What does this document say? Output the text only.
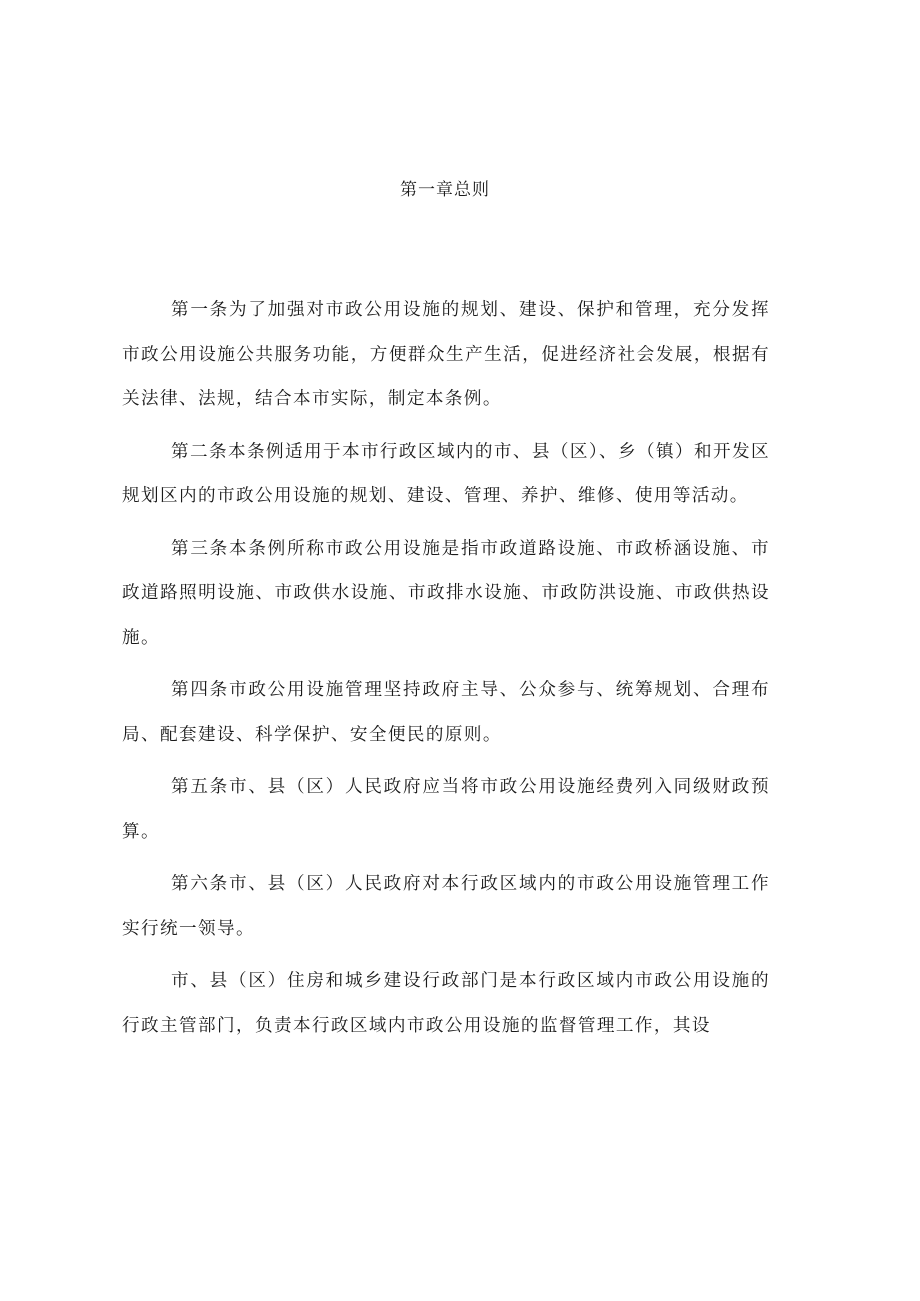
第一章总则

第一条为了加强对市政公用设施的规划、建设、保护和管理，充分发挥市政公用设施公共服务功能，方便群众生产生活，促进经济社会发展，根据有关法律、法规，结合本市实际，制定本条例。

第二条本条例适用于本市行政区域内的市、县（区）、乡（镇）和开发区规划区内的市政公用设施的规划、建设、管理、养护、维修、使用等活动。

第三条本条例所称市政公用设施是指市政道路设施、市政桥涵设施、市政道路照明设施、市政供水设施、市政排水设施、市政防洪设施、市政供热设施。

第四条市政公用设施管理坚持政府主导、公众参与、统筹规划、合理布局、配套建设、科学保护、安全便民的原则。

第五条市、县（区）人民政府应当将市政公用设施经费列入同级财政预算。

第六条市、县（区）人民政府对本行政区域内的市政公用设施管理工作实行统一领导。

市、县（区）住房和城乡建设行政部门是本行政区域内市政公用设施的行政主管部门，负责本行政区域内市政公用设施的监督管理工作，其设
